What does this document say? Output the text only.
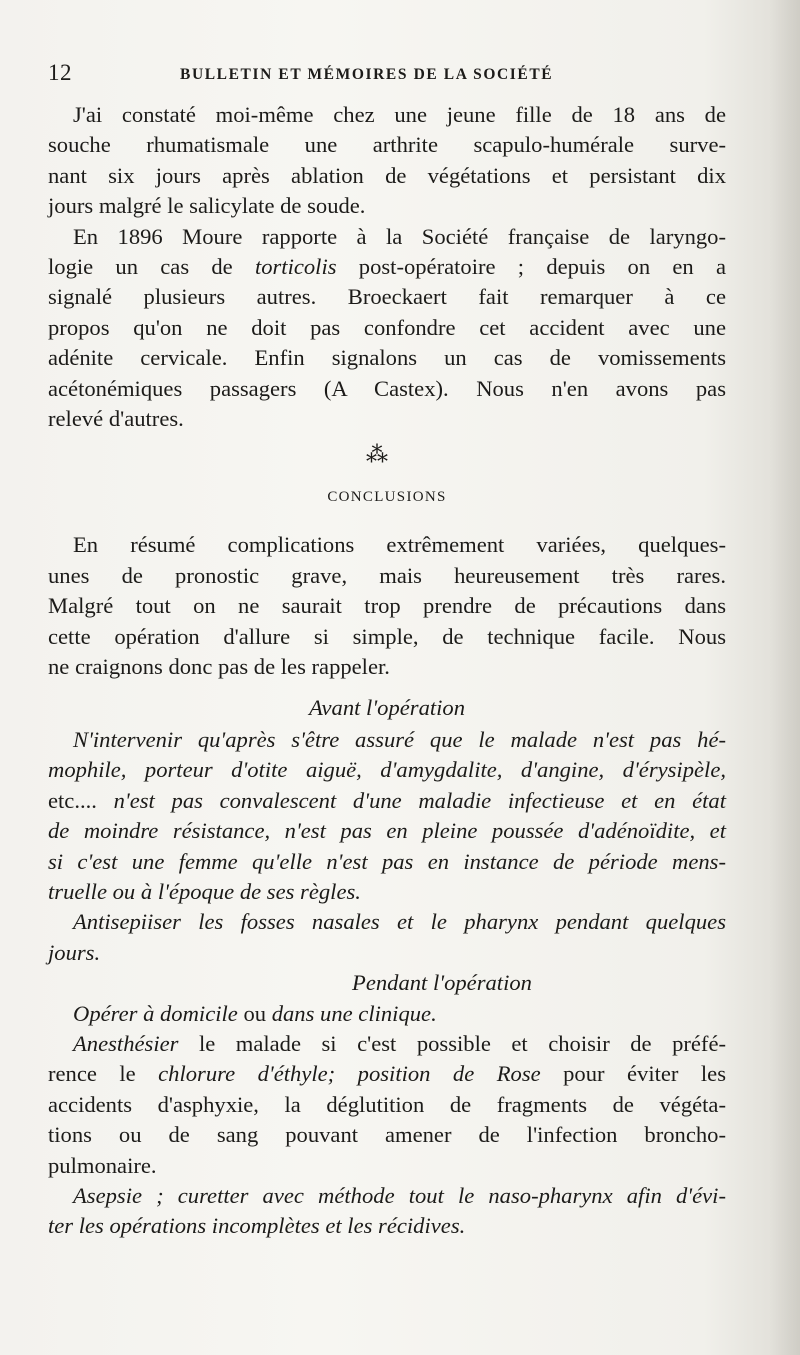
12	BULLETIN ET MÉMOIRES DE LA SOCIÉTÉ
J'ai constaté moi-même chez une jeune fille de 18 ans de
souche rhumatismale une arthrite scapulo-humérale surve-
nant six jours après ablation de végétations et persistant dix
jours malgré le salicylate de soude.
En 1896 Moure rapporte à la Société française de laryngo-
logie un cas de torticolis post-opératoire ; depuis on en a
signalé plusieurs autres. Broeckaert fait remarquer à ce
propos qu'on ne doit pas confondre cet accident avec une
adénite cervicale. Enfin signalons un cas de vomissements
acétonémiques passagers (A Castex). Nous n'en avons pas
relevé d'autres.
⁂
CONCLUSIONS
En résumé complications extrêmement variées, quelques-
unes de pronostic grave, mais heureusement très rares.
Malgré tout on ne saurait trop prendre de précautions dans
cette opération d'allure si simple, de technique facile. Nous
ne craignons donc pas de les rappeler.
Avant l'opération
N'intervenir qu'après s'être assuré que le malade n'est pas hé-
mophile, porteur d'otite aiguë, d'amygdalite, d'angine, d'érysipèle,
etc.... n'est pas convalescent d'une maladie infectieuse et en état
de moindre résistance, n'est pas en pleine poussée d'adénoïdite, et
si c'est une femme qu'elle n'est pas en instance de période mens-
truelle ou à l'époque de ses règles.
Antisepiiser les fosses nasales et le pharynx pendant quelques
jours.
Pendant l'opération
Opérer à domicile ou dans une clinique.
Anesthésier le malade si c'est possible et choisir de préfé-
rence le chlorure d'éthyle; position de Rose pour éviter les
accidents d'asphyxie, la déglutition de fragments de végéta-
tions ou de sang pouvant amener de l'infection broncho-
pulmonaire.
Asepsie ; curetter avec méthode tout le naso-pharynx afin d'évi-
ter les opérations incomplètes et les récidives.
